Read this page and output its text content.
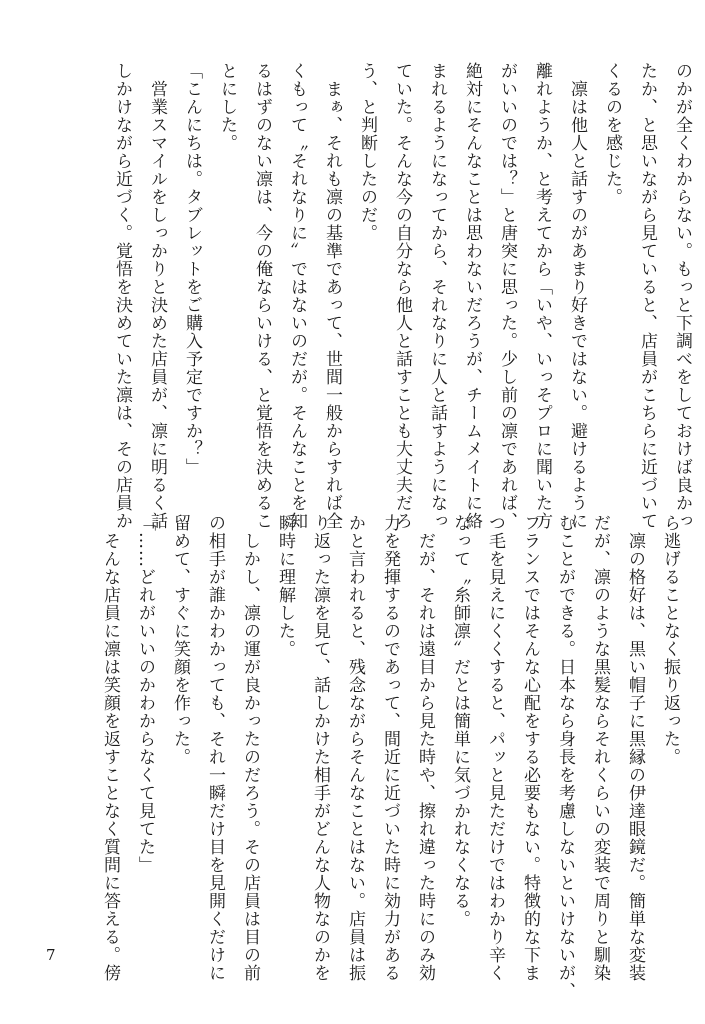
のかが全くわからない。もっと下調べをしておけば良かっ
たか、と思いながら見ていると、店員がこちらに近づいて
くるのを感じた。
　凛は他人と話すのがあまり好きではない。避けるように
離れようか、と考えてから「いや、いっそプロに聞いた方
がいいのでは？」と唐突に思った。少し前の凛であれば、
絶対にそんなことは思わないだろうが、チームメイトに絡
まれるようになってから、それなりに人と話すようになっ
ていた。そんな今の自分なら他人と話すことも大丈夫だろ
う、と判断したのだ。
　まぁ、それも凛の基準であって、世間一般からすれば全
くもって〝それなりに〟ではないのだが。そんなことを知
るはずのない凛は、今の俺ならいける、と覚悟を決めるこ
とにした。
「こんにちは。タブレットをご購入予定ですか？」
　営業スマイルをしっかりと決めた店員が、凛に明るく話
しかけながら近づく。覚悟を決めていた凛は、その店員か
ら逃げることなく振り返った。
　凛の格好は、黒い帽子に黒縁の伊達眼鏡だ。簡単な変装
だが、凛のような黒髪ならそれくらいの変装で周りと馴染
むことができる。日本なら身長を考慮しないといけないが、
フランスではそんな心配をする必要もない。特徴的な下ま
つ毛を見えにくくすると、パッと見ただけではわかり辛く
なって〝糸師凛〟だとは簡単に気づかれなくなる。
　だが、それは遠目から見た時や、擦れ違った時にのみ効
力を発揮するのであって、間近に近づいた時に効力がある
かと言われると、残念ながらそんなことはない。店員は振
り返った凛を見て、話しかけた相手がどんな人物なのかを
瞬時に理解した。
　しかし、凛の運が良かったのだろう。その店員は目の前
の相手が誰かわかっても、それ一瞬だけ目を見開くだけに
留めて、すぐに笑顔を作った。
「……どれがいいのかわからなくて見てた」
　そんな店員に凛は笑顔を返すことなく質問に答える。傍
7
